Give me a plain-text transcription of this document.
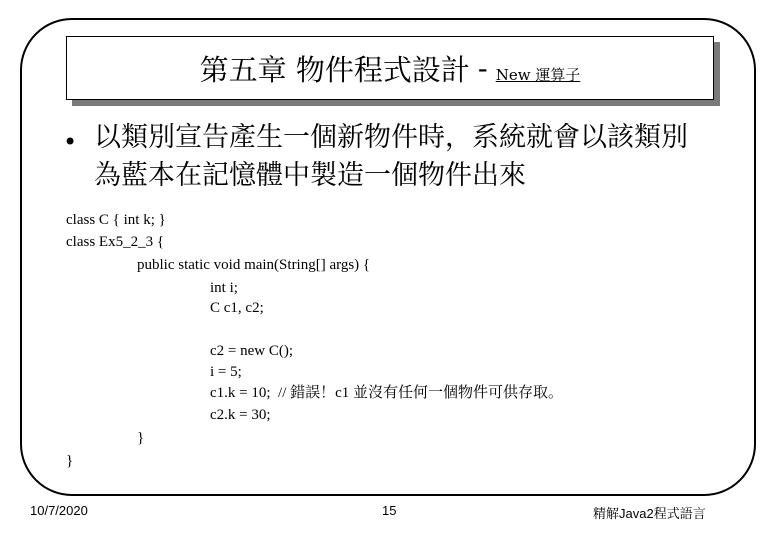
第五章 物件程式設計 - New 運算子
• 以類別宣告產生一個新物件時，系統就會以該類別為藍本在記憶體中製造一個物件出來
class C { int k; }
class Ex5_2_3 {
public static void main(String[] args) {
int i;
C c1, c2;
c2 = new C();
i = 5;
c1.k = 10;  // 錯誤！c1 並沒有任何一個物件可供存取。
c2.k = 30;
}
}
10/7/2020	15	精解Java2程式語言
